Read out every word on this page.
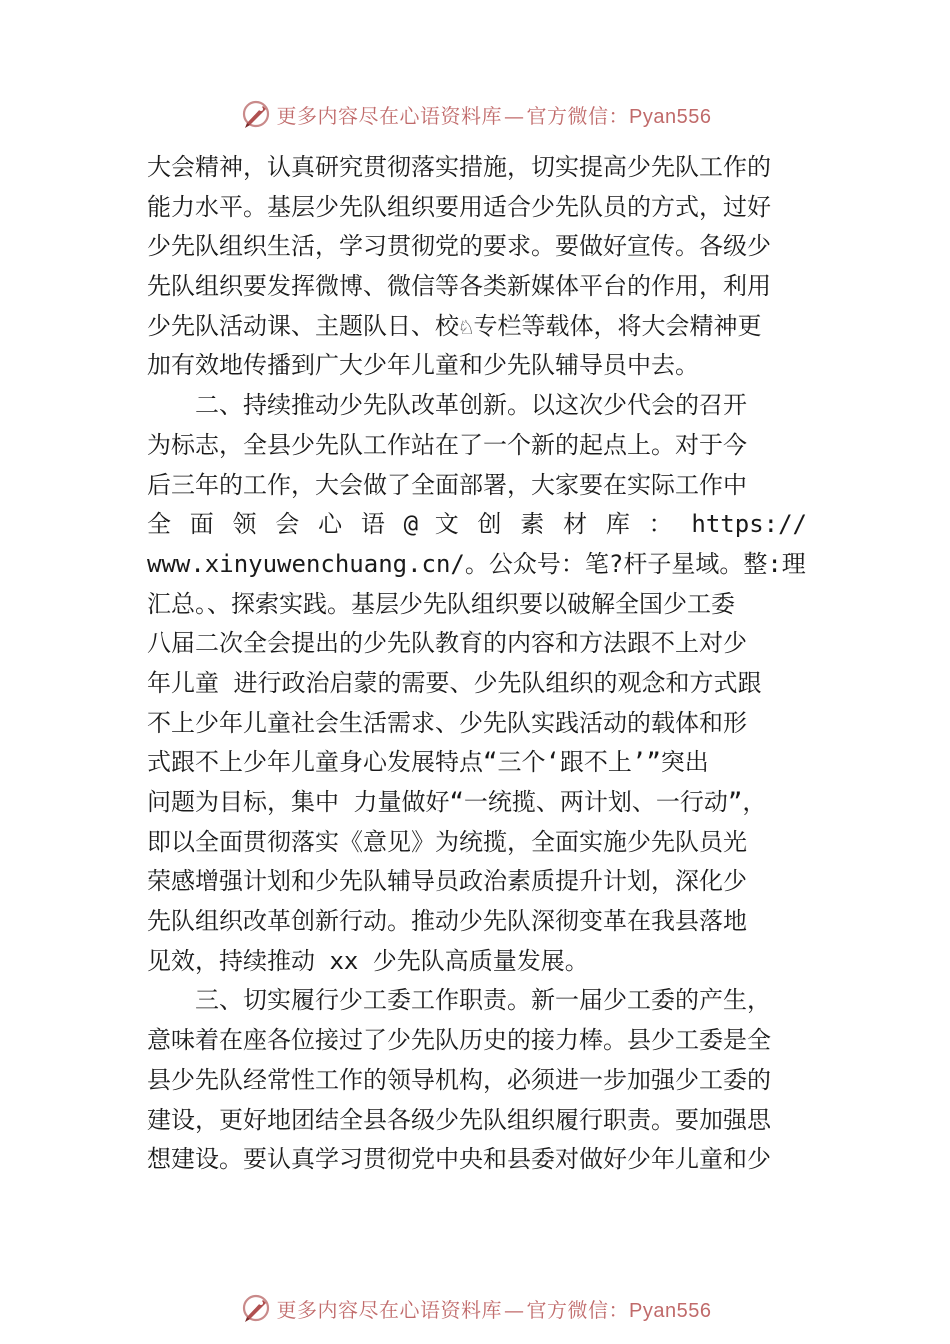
更多内容尽在心语资料库 — 官方微信：Pyan556
大会精神，认真研究贯彻落实措施，切实提高少先队工作的
能力水平。基层少先队组织要用适合少先队员的方式，过好
少先队组织生活，学习贯彻党的要求。要做好宣传。各级少
先队组织要发挥微博、微信等各类新媒体平台的作用，利用
少先队活动课、主题队日、校♘专栏等载体，将大会精神更
加有效地传播到广大少年儿童和少先队辅导员中去。
　　二、持续推动少先队改革创新。以这次少代会的召开
为标志，全县少先队工作站在了一个新的起点上。对于今
后三年的工作，大会做了全面部署，大家要在实际工作中
全 面 领 会 心 语 @ 文 创 素 材 库 ： https://
www.xinyuwenchuang.cn/。公众号：笔?杆子星域。整:理
汇总。、探索实践。基层少先队组织要以破解全国少工委
八届二次全会提出的少先队教育的内容和方法跟不上对少
年儿童 进行政治启蒙的需要、少先队组织的观念和方式跟
不上少年儿童社会生活需求、少先队实践活动的载体和形
式跟不上少年儿童身心发展特点“三个‘跟不上’”突出
问题为目标，集中 力量做好“一统揽、两计划、一行动”，
即以全面贯彻落实《意见》为统揽，全面实施少先队员光
荣感增强计划和少先队辅导员政治素质提升计划，深化少
先队组织改革创新行动。推动少先队深彻变革在我县落地
见效，持续推动 xx 少先队高质量发展。
　　三、切实履行少工委工作职责。新一届少工委的产生，
意味着在座各位接过了少先队历史的接力棒。县少工委是全
县少先队经常性工作的领导机构，必须进一步加强少工委的
建设，更好地团结全县各级少先队组织履行职责。要加强思
想建设。要认真学习贯彻党中央和县委对做好少年儿童和少
更多内容尽在心语资料库 — 官方微信：Pyan556
